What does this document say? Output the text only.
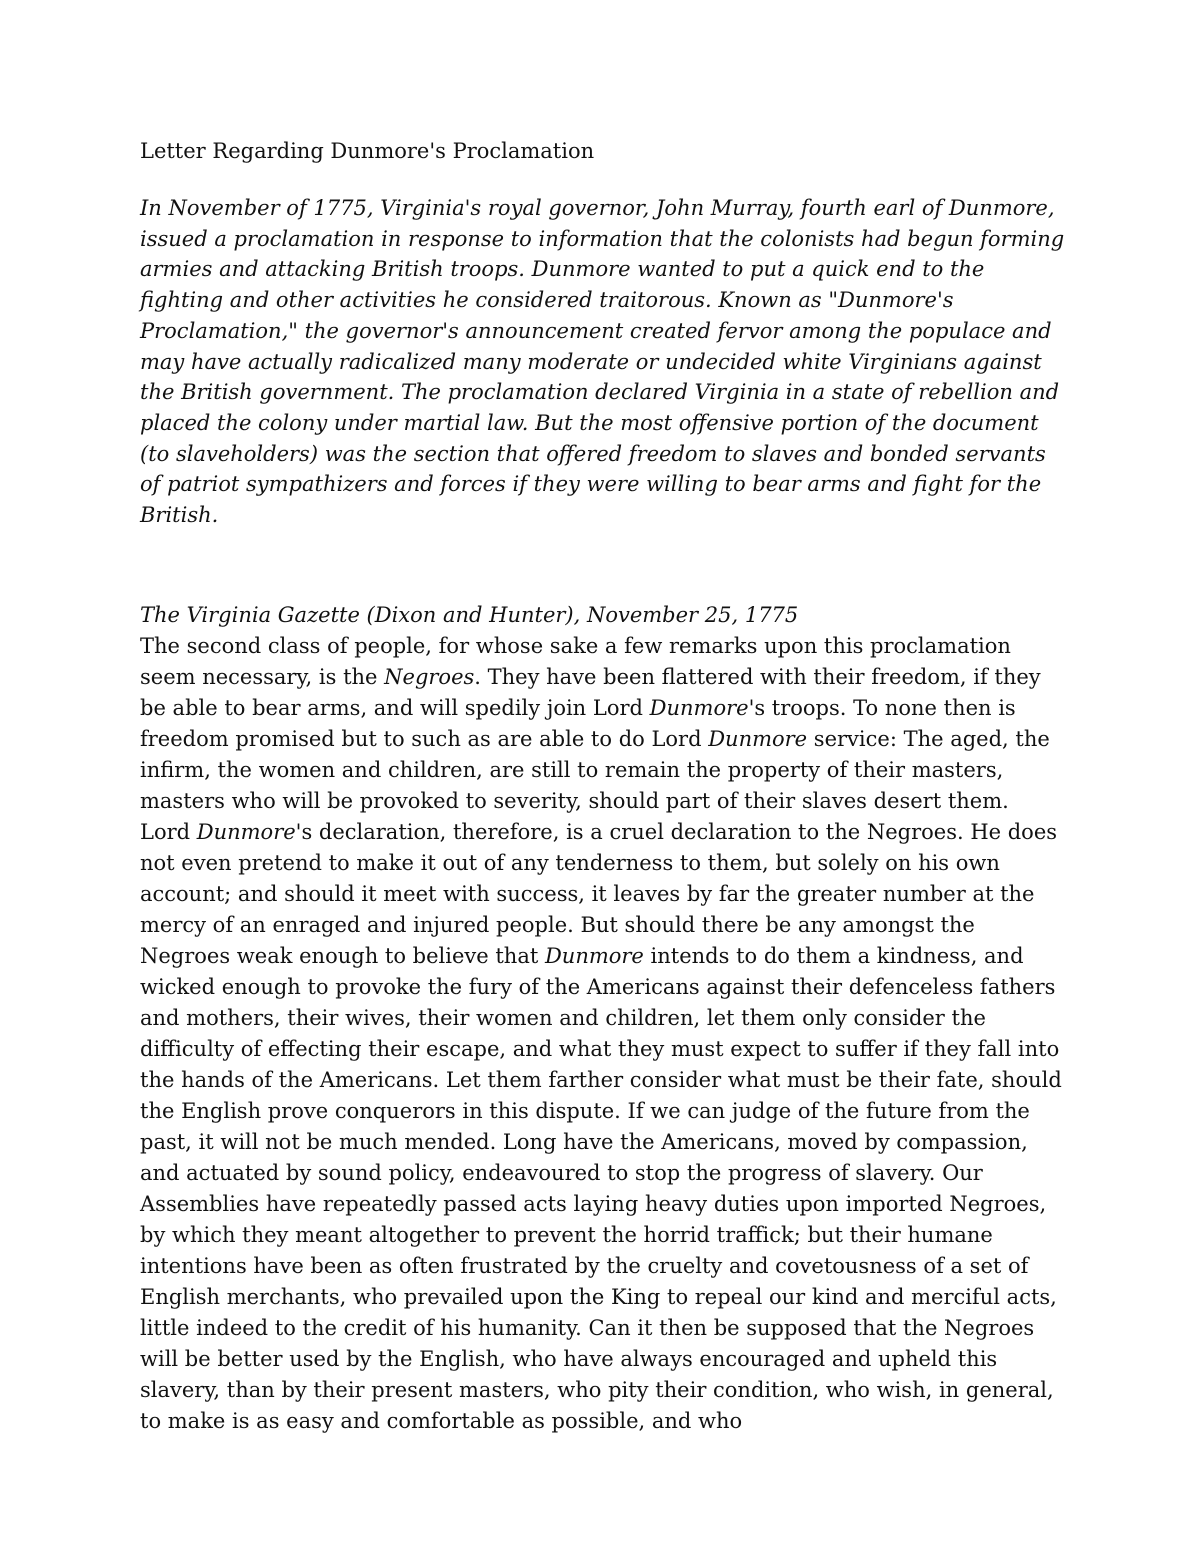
Letter Regarding Dunmore's Proclamation

In November of 1775, Virginia's royal governor, John Murray, fourth earl of Dunmore, issued a proclamation in response to information that the colonists had begun forming armies and attacking British troops. Dunmore wanted to put a quick end to the fighting and other activities he considered traitorous. Known as "Dunmore's Proclamation," the governor's announcement created fervor among the populace and may have actually radicalized many moderate or undecided white Virginians against the British government. The proclamation declared Virginia in a state of rebellion and placed the colony under martial law. But the most offensive portion of the document (to slaveholders) was the section that offered freedom to slaves and bonded servants of patriot sympathizers and forces if they were willing to bear arms and fight for the British.

The Virginia Gazette (Dixon and Hunter), November 25, 1775

The second class of people, for whose sake a few remarks upon this proclamation seem necessary, is the Negroes. They have been flattered with their freedom, if they be able to bear arms, and will spedily join Lord Dunmore's troops. To none then is freedom promised but to such as are able to do Lord Dunmore service: The aged, the infirm, the women and children, are still to remain the property of their masters, masters who will be provoked to severity, should part of their slaves desert them. Lord Dunmore's declaration, therefore, is a cruel declaration to the Negroes. He does not even pretend to make it out of any tenderness to them, but solely on his own account; and should it meet with success, it leaves by far the greater number at the mercy of an enraged and injured people. But should there be any amongst the Negroes weak enough to believe that Dunmore intends to do them a kindness, and wicked enough to provoke the fury of the Americans against their defenceless fathers and mothers, their wives, their women and children, let them only consider the difficulty of effecting their escape, and what they must expect to suffer if they fall into the hands of the Americans. Let them farther consider what must be their fate, should the English prove conquerors in this dispute. If we can judge of the future from the past, it will not be much mended. Long have the Americans, moved by compassion, and actuated by sound policy, endeavoured to stop the progress of slavery. Our Assemblies have repeatedly passed acts laying heavy duties upon imported Negroes, by which they meant altogether to prevent the horrid traffick; but their humane intentions have been as often frustrated by the cruelty and covetousness of a set of English merchants, who prevailed upon the King to repeal our kind and merciful acts, little indeed to the credit of his humanity. Can it then be supposed that the Negroes will be better used by the English, who have always encouraged and upheld this slavery, than by their present masters, who pity their condition, who wish, in general, to make is as easy and comfortable as possible, and who
